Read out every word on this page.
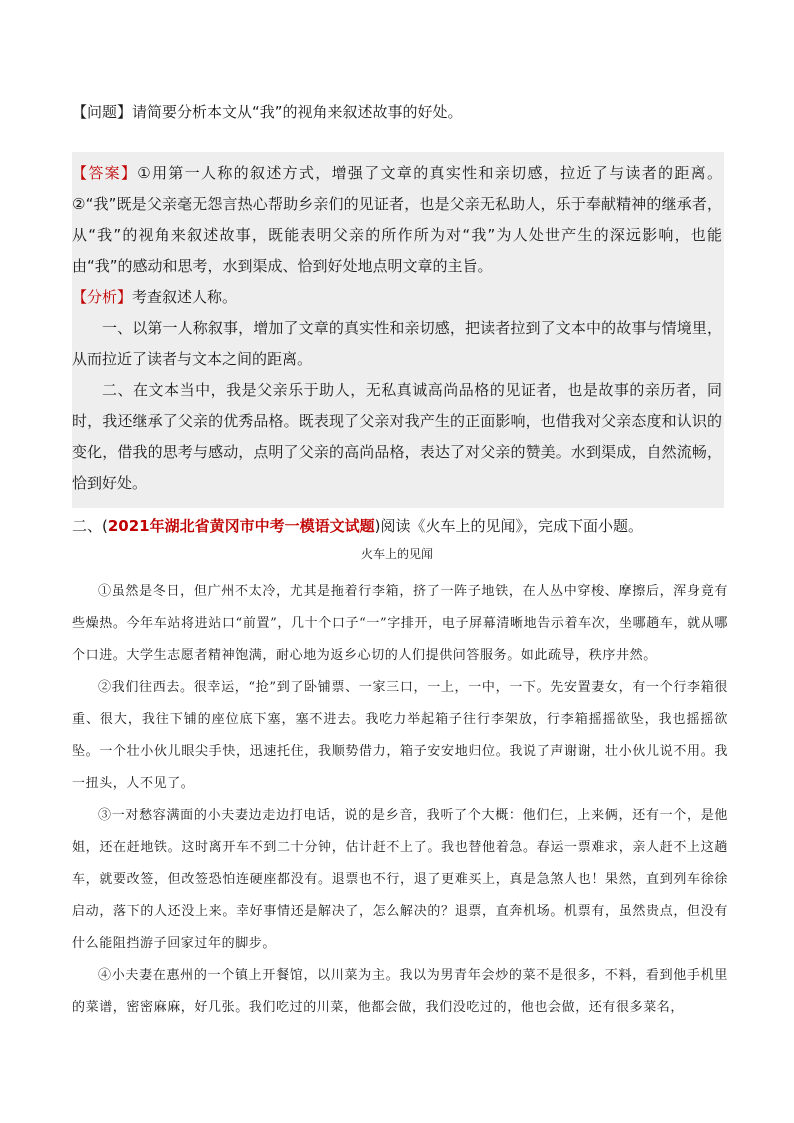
【问题】请简要分析本文从“我”的视角来叙述故事的好处。

【答案】①用第一人称的叙述方式，增强了文章的真实性和亲切感，拉近了与读者的距离。②“我”既是父亲毫无怨言热心帮助乡亲们的见证者，也是父亲无私助人，乐于奉献精神的继承者，从“我”的视角来叙述故事，既能表明父亲的所作所为对“我”为人处世产生的深远影响，也能由“我”的感动和思考，水到渠成、恰到好处地点明文章的主旨。

【分析】考查叙述人称。

一、以第一人称叙事，增加了文章的真实性和亲切感，把读者拉到了文本中的故事与情境里，从而拉近了读者与文本之间的距离。

二、在文本当中，我是父亲乐于助人，无私真诚高尚品格的见证者，也是故事的亲历者，同时，我还继承了父亲的优秀品格。既表现了父亲对我产生的正面影响，也借我对父亲态度和认识的变化，借我的思考与感动，点明了父亲的高尚品格，表达了对父亲的赞美。水到渠成，自然流畅，恰到好处。

二、(2021年湖北省黄冈市中考一模语文试题)阅读《火车上的见闻》，完成下面小题。
火车上的见闻

①虽然是冬日，但广州不太冷，尤其是拖着行李箱，挤了一阵子地铁，在人丛中穿梭、摩擦后，浑身竟有些燥热。今年车站将进站口“前置”，几十个口子“一”字排开，电子屏幕清晰地告示着车次，坐哪趟车，就从哪个口进。大学生志愿者精神饱满，耐心地为返乡心切的人们提供问答服务。如此疏导，秩序井然。

②我们往西去。很幸运，“抢”到了卧铺票、一家三口，一上，一中，一下。先安置妻女，有一个行李箱很重、很大，我往下铺的座位底下塞，塞不进去。我吃力举起箱子往行李架放，行李箱摇摇欲坠，我也摇摇欲坠。一个壮小伙儿眼尖手快，迅速托住，我顺势借力，箱子安安地归位。我说了声谢谢，壮小伙儿说不用。我一扭头，人不见了。

③一对愁容满面的小夫妻边走边打电话，说的是乡音，我听了个大概：他们仨，上来俩，还有一个，是他姐，还在赶地铁。这时离开车不到二十分钟，估计赶不上了。我也替他着急。春运一票难求，亲人赶不上这趟车，就要改签，但改签恐怕连硬座都没有。退票也不行，退了更难买上，真是急煞人也！果然，直到列车徐徐启动，落下的人还没上来。幸好事情还是解决了，怎么解决的？退票，直奔机场。机票有，虽然贵点，但没有什么能阻挡游子回家过年的脚步。

④小夫妻在惠州的一个镇上开餐馆，以川菜为主。我以为男青年会炒的菜不是很多，不料，看到他手机里的菜谱，密密麻麻，好几张。我们吃过的川菜，他都会做，我们没吃过的，他也会做，还有很多菜名，
